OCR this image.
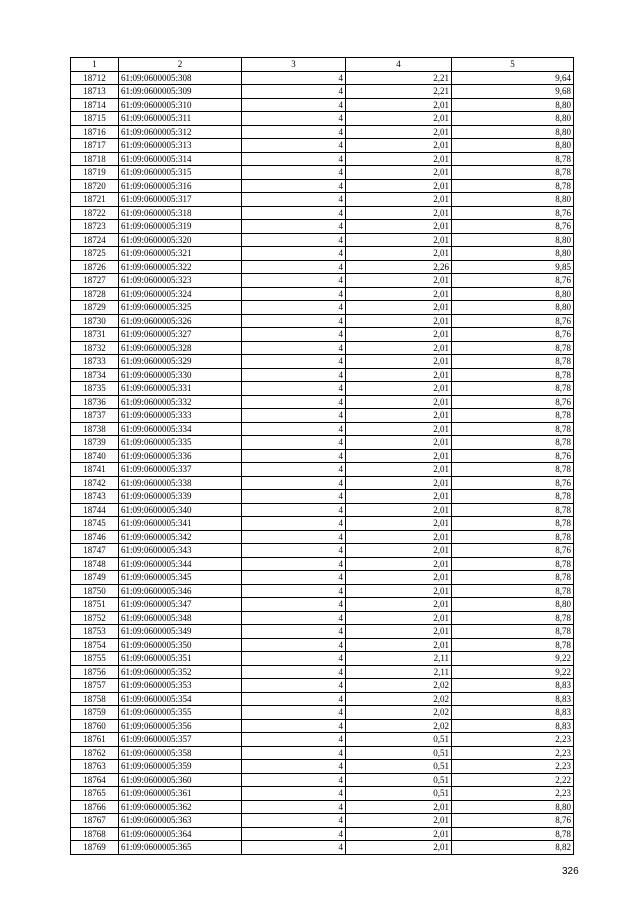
1	2	3	4	5
18712	61:09:0600005:308	4	2,21	9,64
18713	61:09:0600005:309	4	2,21	9,68
18714	61:09:0600005:310	4	2,01	8,80
18715	61:09:0600005:311	4	2,01	8,80
18716	61:09:0600005:312	4	2,01	8,80
18717	61:09:0600005:313	4	2,01	8,80
18718	61:09:0600005:314	4	2,01	8,78
18719	61:09:0600005:315	4	2,01	8,78
18720	61:09:0600005:316	4	2,01	8,78
18721	61:09:0600005:317	4	2,01	8,80
18722	61:09:0600005:318	4	2,01	8,76
18723	61:09:0600005:319	4	2,01	8,76
18724	61:09:0600005:320	4	2,01	8,80
18725	61:09:0600005:321	4	2,01	8,80
18726	61:09:0600005:322	4	2,26	9,85
18727	61:09:0600005:323	4	2,01	8,76
18728	61:09:0600005:324	4	2,01	8,80
18729	61:09:0600005:325	4	2,01	8,80
18730	61:09:0600005:326	4	2,01	8,76
18731	61:09:0600005:327	4	2,01	8,76
18732	61:09:0600005:328	4	2,01	8,78
18733	61:09:0600005:329	4	2,01	8,78
18734	61:09:0600005:330	4	2,01	8,78
18735	61:09:0600005:331	4	2,01	8,78
18736	61:09:0600005:332	4	2,01	8,76
18737	61:09:0600005:333	4	2,01	8,78
18738	61:09:0600005:334	4	2,01	8,78
18739	61:09:0600005:335	4	2,01	8,78
18740	61:09:0600005:336	4	2,01	8,76
18741	61:09:0600005:337	4	2,01	8,78
18742	61:09:0600005:338	4	2,01	8,76
18743	61:09:0600005:339	4	2,01	8,78
18744	61:09:0600005:340	4	2,01	8,78
18745	61:09:0600005:341	4	2,01	8,78
18746	61:09:0600005:342	4	2,01	8,78
18747	61:09:0600005:343	4	2,01	8,76
18748	61:09:0600005:344	4	2,01	8,78
18749	61:09:0600005:345	4	2,01	8,78
18750	61:09:0600005:346	4	2,01	8,78
18751	61:09:0600005:347	4	2,01	8,80
18752	61:09:0600005:348	4	2,01	8,78
18753	61:09:0600005:349	4	2,01	8,78
18754	61:09:0600005:350	4	2,01	8,78
18755	61:09:0600005:351	4	2,11	9,22
18756	61:09:0600005:352	4	2,11	9,22
18757	61:09:0600005:353	4	2,02	8,83
18758	61:09:0600005:354	4	2,02	8,83
18759	61:09:0600005:355	4	2,02	8,83
18760	61:09:0600005:356	4	2,02	8,83
18761	61:09:0600005:357	4	0,51	2,23
18762	61:09:0600005:358	4	0,51	2,23
18763	61:09:0600005:359	4	0,51	2,23
18764	61:09:0600005:360	4	0,51	2,22
18765	61:09:0600005:361	4	0,51	2,23
18766	61:09:0600005:362	4	2,01	8,80
18767	61:09:0600005:363	4	2,01	8,76
18768	61:09:0600005:364	4	2,01	8,78
18769	61:09:0600005:365	4	2,01	8,82
326
